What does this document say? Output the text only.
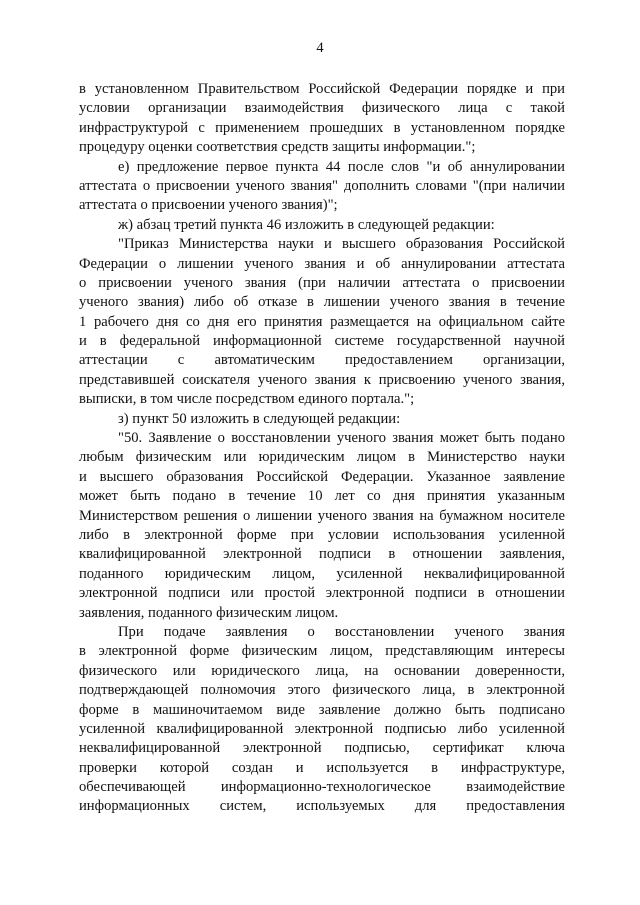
4
в установленном Правительством Российской Федерации порядке и при
условии организации взаимодействия физического лица с такой
инфраструктурой с применением прошедших в установленном порядке
процедуру оценки соответствия средств защиты информации.";
е) предложение первое пункта 44 после слов "и об аннулировании
аттестата о присвоении ученого звания" дополнить словами "(при наличии
аттестата о присвоении ученого звания)";
ж) абзац третий пункта 46 изложить в следующей редакции:
"Приказ Министерства науки и высшего образования Российской
Федерации о лишении ученого звания и об аннулировании аттестата
о присвоении ученого звания (при наличии аттестата о присвоении
ученого звания) либо об отказе в лишении ученого звания в течение
1 рабочего дня со дня его принятия размещается на официальном сайте
и в федеральной информационной системе государственной научной
аттестации с автоматическим предоставлением организации,
представившей соискателя ученого звания к присвоению ученого звания,
выписки, в том числе посредством единого портала.";
з) пункт 50 изложить в следующей редакции:
"50. Заявление о восстановлении ученого звания может быть подано
любым физическим или юридическим лицом в Министерство науки
и высшего образования Российской Федерации. Указанное заявление
может быть подано в течение 10 лет со дня принятия указанным
Министерством решения о лишении ученого звания на бумажном носителе
либо в электронной форме при условии использования усиленной
квалифицированной электронной подписи в отношении заявления,
поданного юридическим лицом, усиленной неквалифицированной
электронной подписи или простой электронной подписи в отношении
заявления, поданного физическим лицом.
При подаче заявления о восстановлении ученого звания
в электронной форме физическим лицом, представляющим интересы
физического или юридического лица, на основании доверенности,
подтверждающей полномочия этого физического лица, в электронной
форме в машиночитаемом виде заявление должно быть подписано
усиленной квалифицированной электронной подписью либо усиленной
неквалифицированной электронной подписью, сертификат ключа
проверки которой создан и используется в инфраструктуре,
обеспечивающей информационно-технологическое взаимодействие
информационных систем, используемых для предоставления
